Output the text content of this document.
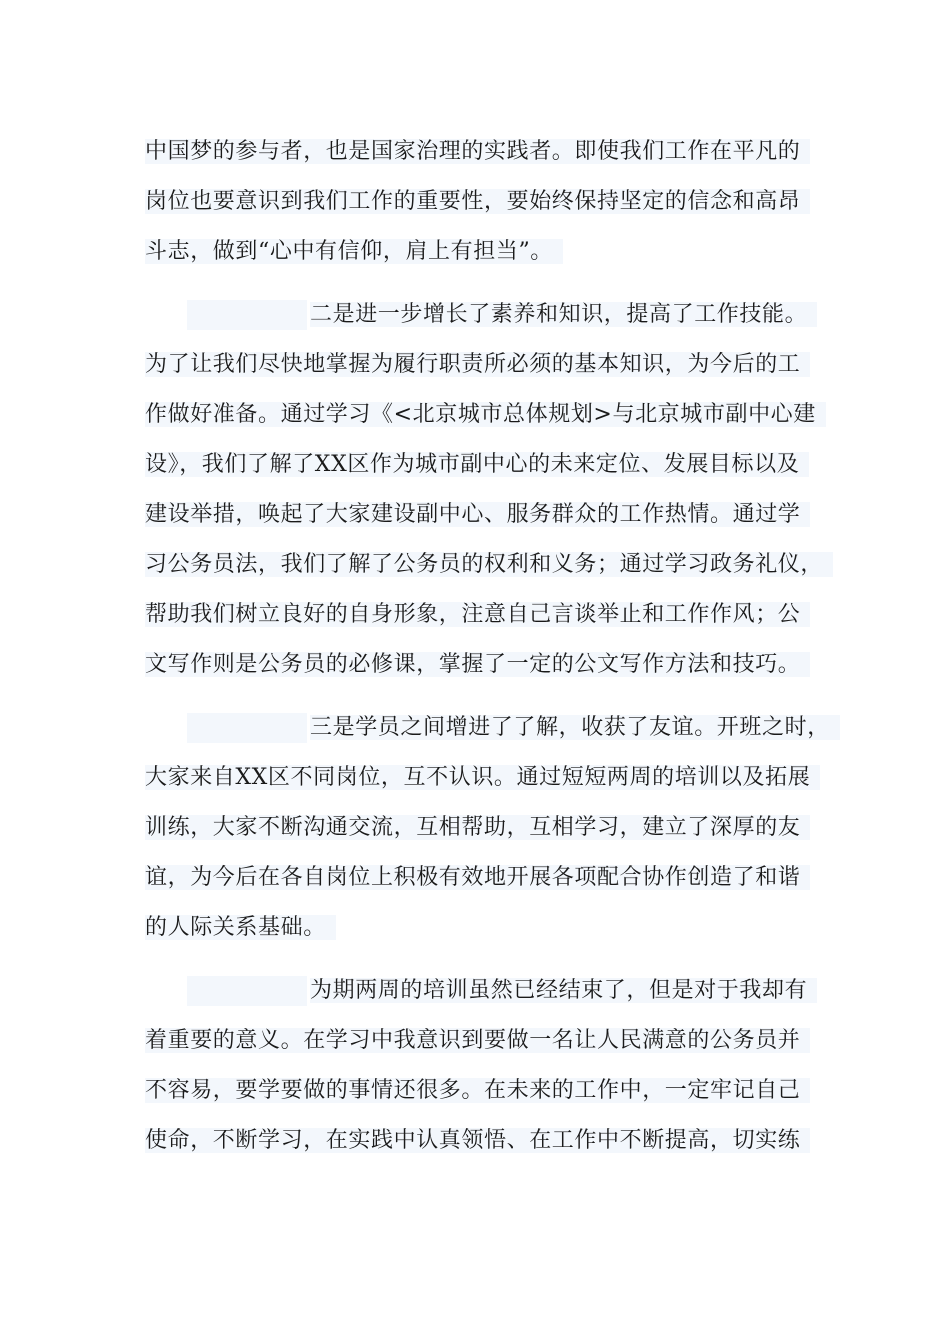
中国梦的参与者，也是国家治理的实践者。即使我们工作在平凡的
岗位也要意识到我们工作的重要性，要始终保持坚定的信念和高昂
斗志，做到“心中有信仰，肩上有担当”。
二是进一步增长了素养和知识，提高了工作技能。
为了让我们尽快地掌握为履行职责所必须的基本知识，为今后的工
作做好准备。通过学习《<北京城市总体规划>与北京城市副中心建
设》，我们了解了XX区作为城市副中心的未来定位、发展目标以及
建设举措，唤起了大家建设副中心、服务群众的工作热情。通过学
习公务员法，我们了解了公务员的权利和义务；通过学习政务礼仪，
帮助我们树立良好的自身形象，注意自己言谈举止和工作作风；公
文写作则是公务员的必修课，掌握了一定的公文写作方法和技巧。
三是学员之间增进了了解，收获了友谊。开班之时，
大家来自XX区不同岗位，互不认识。通过短短两周的培训以及拓展
训练，大家不断沟通交流，互相帮助，互相学习，建立了深厚的友
谊，为今后在各自岗位上积极有效地开展各项配合协作创造了和谐
的人际关系基础。
为期两周的培训虽然已经结束了，但是对于我却有
着重要的意义。在学习中我意识到要做一名让人民满意的公务员并
不容易，要学要做的事情还很多。在未来的工作中，一定牢记自己
使命，不断学习，在实践中认真领悟、在工作中不断提高，切实练
